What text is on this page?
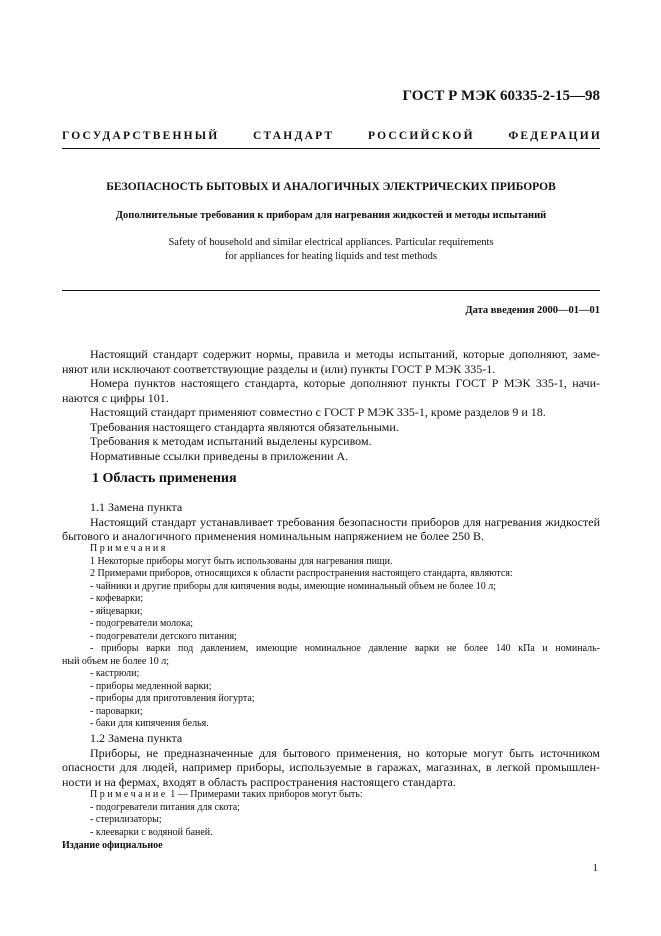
ГОСТ Р МЭК 60335-2-15—98
ГОСУДАРСТВЕННЫЙ	СТАНДАРТ	РОССИЙСКОЙ	ФЕДЕРАЦИИ
БЕЗОПАСНОСТЬ БЫТОВЫХ И АНАЛОГИЧНЫХ ЭЛЕКТРИЧЕСКИХ ПРИБОРОВ
Дополнительные требования к приборам для нагревания жидкостей и методы испытаний
Safety of household and similar electrical appliances. Particular requirements
for appliances for heating liquids and test methods
Дата введения 2000—01—01
Настоящий стандарт содержит нормы, правила и методы испытаний, которые дополняют, заме-
няют или исключают соответствующие разделы и (или) пункты ГОСТ Р МЭК 335-1.
Номера пунктов настоящего стандарта, которые дополняют пункты ГОСТ Р МЭК 335-1, начи-
наются с цифры 101.
Настоящий стандарт применяют совместно с ГОСТ Р МЭК 335-1, кроме разделов 9 и 18.
Требования настоящего стандарта являются обязательными.
Требования к методам испытаний выделены курсивом.
Нормативные ссылки приведены в приложении А.
1 Область применения
1.1 Замена пункта
Настоящий стандарт устанавливает требования безопасности приборов для нагревания жидкостей
бытового и аналогичного применения номинальным напряжением не более 250 В.
Примечания
1 Некоторые приборы могут быть использованы для нагревания пищи.
2 Примерами приборов, относящихся к области распространения настоящего стандарта, являются:
- чайники и другие приборы для кипячения воды, имеющие номинальный объем не более 10 л;
- кофеварки;
- яйцеварки;
- подогреватели молока;
- подогреватели детского питания;
- приборы варки под давлением, имеющие номинальное давление варки не более 140 кПа и номиналь-
ный объем не более 10 л;
- кастрюли;
- приборы медленной варки;
- приборы для приготовления йогурта;
- пароварки;
- баки для кипячения белья.
1.2 Замена пункта
Приборы, не предназначенные для бытового применения, но которые могут быть источником
опасности для людей, например приборы, используемые в гаражах, магазинах, в легкой промышлен-
ности и на фермах, входят в область распространения настоящего стандарта.
Примечание 1 — Примерами таких приборов могут быть:
- подогреватели питания для скота;
- стерилизаторы;
- клееварки с водяной баней.
Издание официальное
1
